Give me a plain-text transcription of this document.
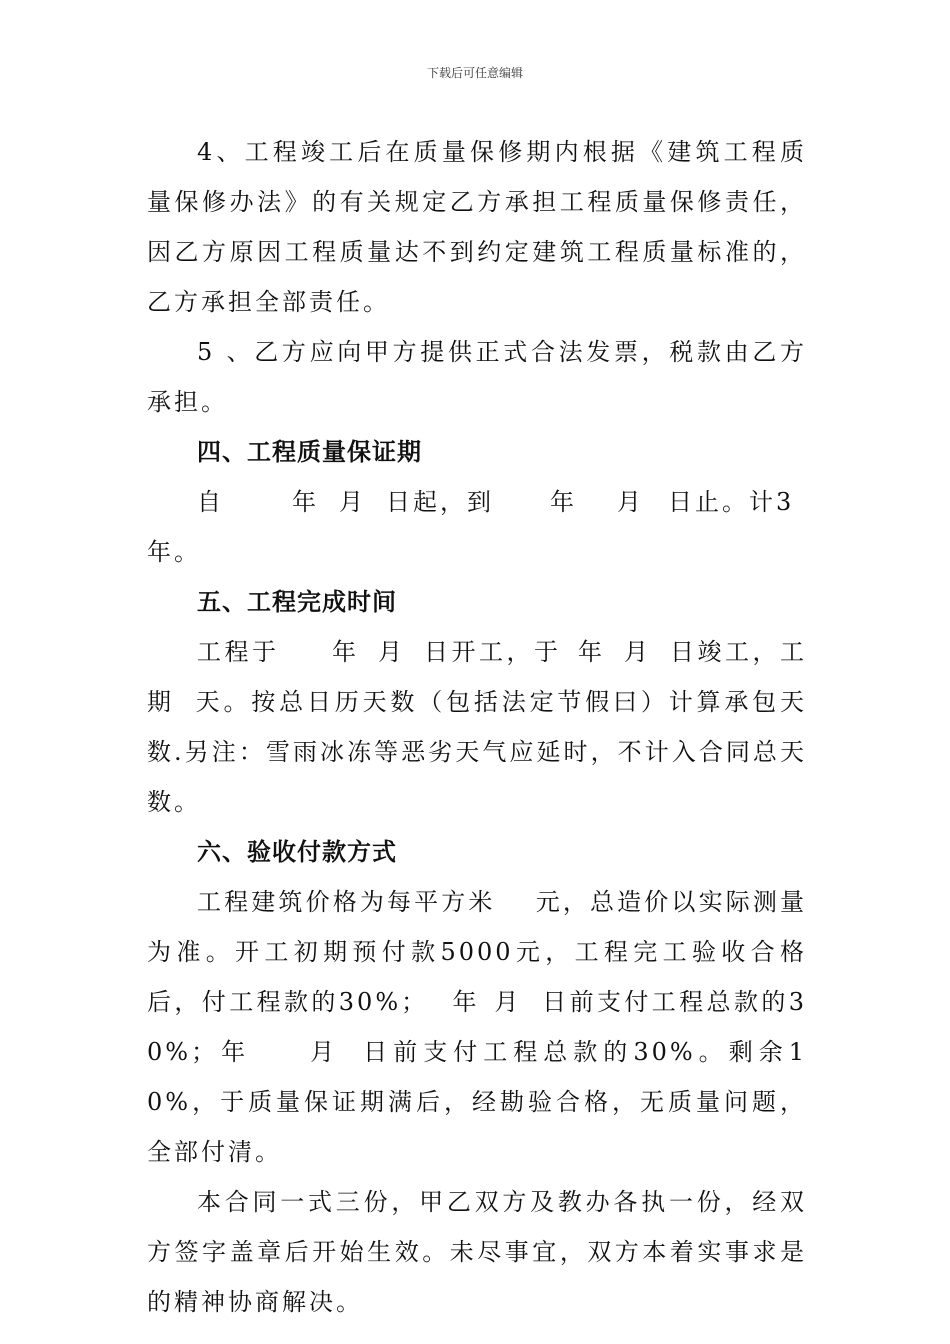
下载后可任意编辑

4、工程竣工后在质量保修期内根据《建筑工程质量保修办法》的有关规定乙方承担工程质量保修责任，因乙方原因工程质量达不到约定建筑工程质量标准的，乙方承担全部责任。

5 、乙方应向甲方提供正式合法发票，税款由乙方承担。

四、工程质量保证期

自	年 月 日起，到 年 月 日止。计3年。

五、工程完成时间

工程于 年 月 日开工，于 年 月 日竣工，工期 天。按总日历天数（包括法定节假曰）计算承包天数.另注：雪雨冰冻等恶劣天气应延时，不计入合同总天数。

六、验收付款方式

工程建筑价格为每平方米 元，总造价以实际测量为准。开工初期预付款5000元，工程完工验收合格后，付工程款的30%； 年 月 日前支付工程总款的30%；年 月 日前支付工程总款的30%。剩余10%，于质量保证期满后，经勘验合格，无质量问题，全部付清。

本合同一式三份，甲乙双方及教办各执一份，经双方签字盖章后开始生效。未尽事宜，双方本着实事求是的精神协商解决。
